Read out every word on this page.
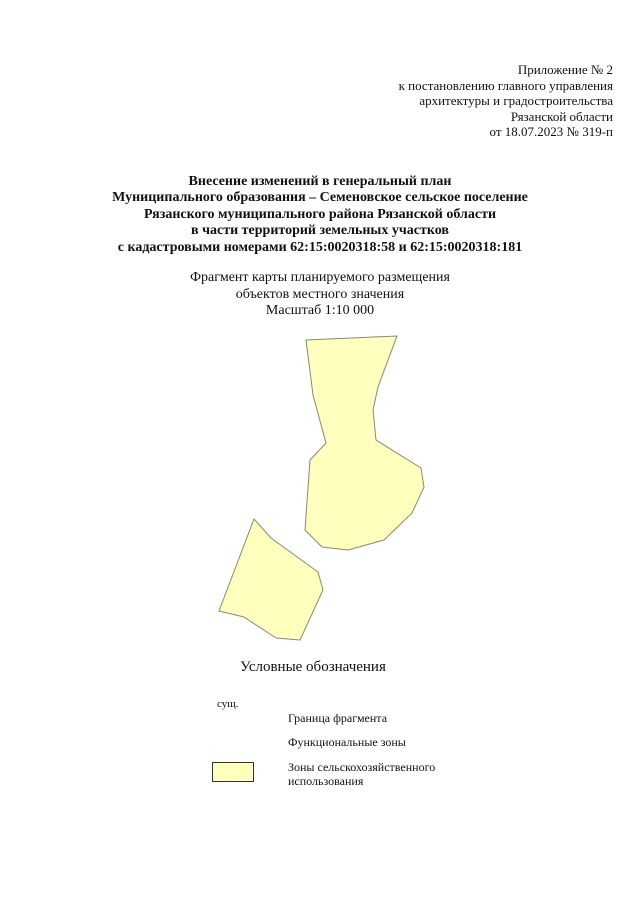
Приложение № 2
к постановлению главного управления
архитектуры и градостроительства
Рязанской области
от 18.07.2023 № 319-п
Внесение изменений в генеральный план
Муниципального образования – Семеновское сельское поселение
Рязанского муниципального района Рязанской области
в части территорий земельных участков
с кадастровыми номерами 62:15:0020318:58 и 62:15:0020318:181
Фрагмент карты планируемого размещения
объектов местного значения
Масштаб 1:10 000
Условные обозначения
сущ.
Граница фрагмента
Функциональные зоны
Зоны сельскохозяйственного
использования
